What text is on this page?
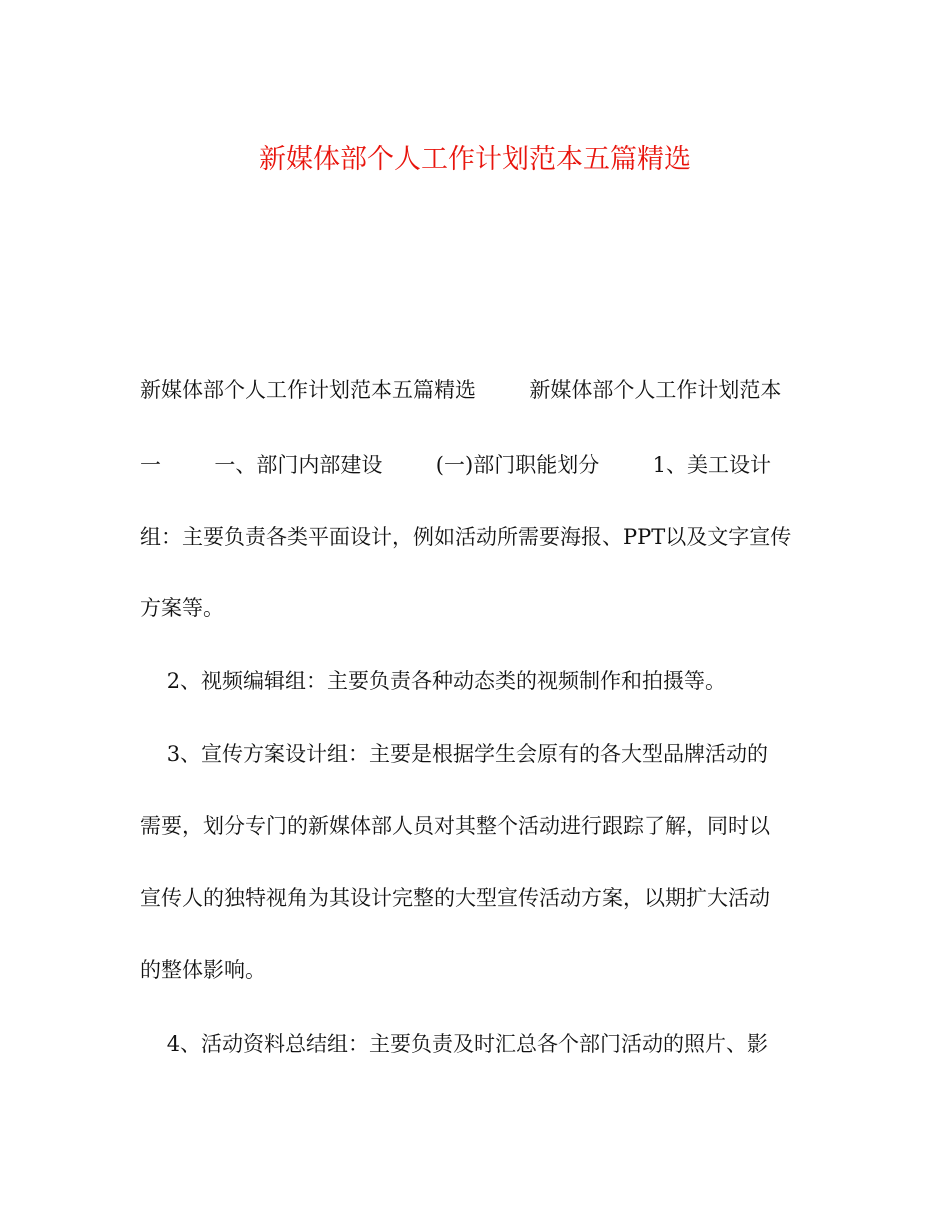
新媒体部个人工作计划范本五篇精选
新媒体部个人工作计划范本五篇精选        新媒体部个人工作计划范本
一        一、部门内部建设        (一)部门职能划分        1、美工设计
组：主要负责各类平面设计，例如活动所需要海报、PPT以及文字宣传
方案等。
2、视频编辑组：主要负责各种动态类的视频制作和拍摄等。
3、宣传方案设计组：主要是根据学生会原有的各大型品牌活动的
需要，划分专门的新媒体部人员对其整个活动进行跟踪了解，同时以
宣传人的独特视角为其设计完整的大型宣传活动方案，以期扩大活动
的整体影响。
4、活动资料总结组：主要负责及时汇总各个部门活动的照片、影
